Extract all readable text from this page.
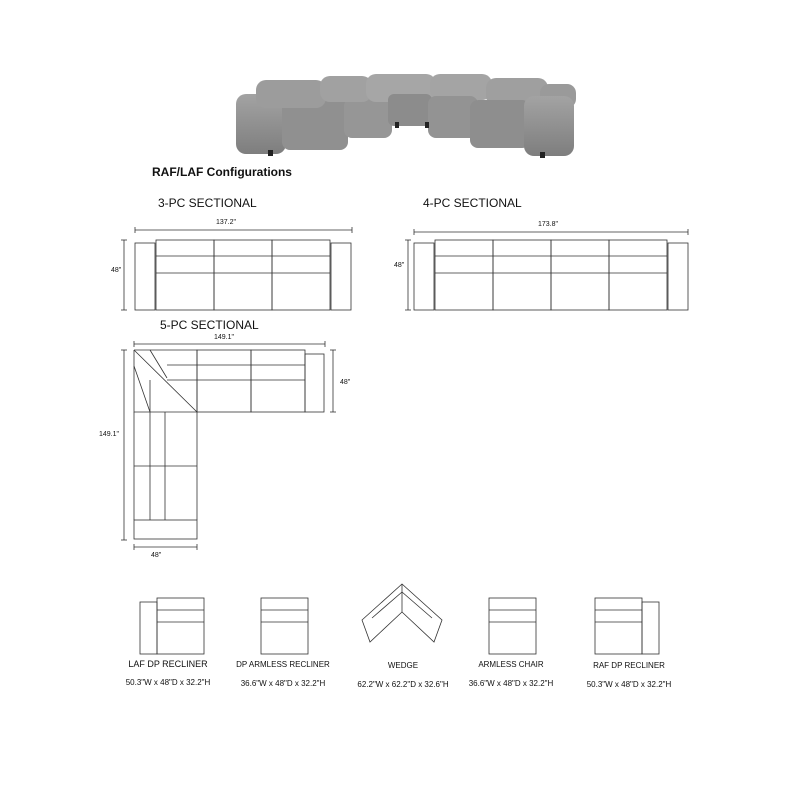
RAF/LAF Configurations
3-PC SECTIONAL
137.2"
48"
4-PC SECTIONAL
173.8"
48"
5-PC SECTIONAL
149.1"
48"
149.1"
48"
LAF DP RECLINER
50.3"W x 48"D x 32.2"H
DP ARMLESS RECLINER
36.6"W x 48"D x 32.2"H
WEDGE
62.2"W x 62.2"D x 32.6"H
ARMLESS CHAIR
36.6"W x 48"D x 32.2"H
RAF DP RECLINER
50.3"W x 48"D x 32.2"H
